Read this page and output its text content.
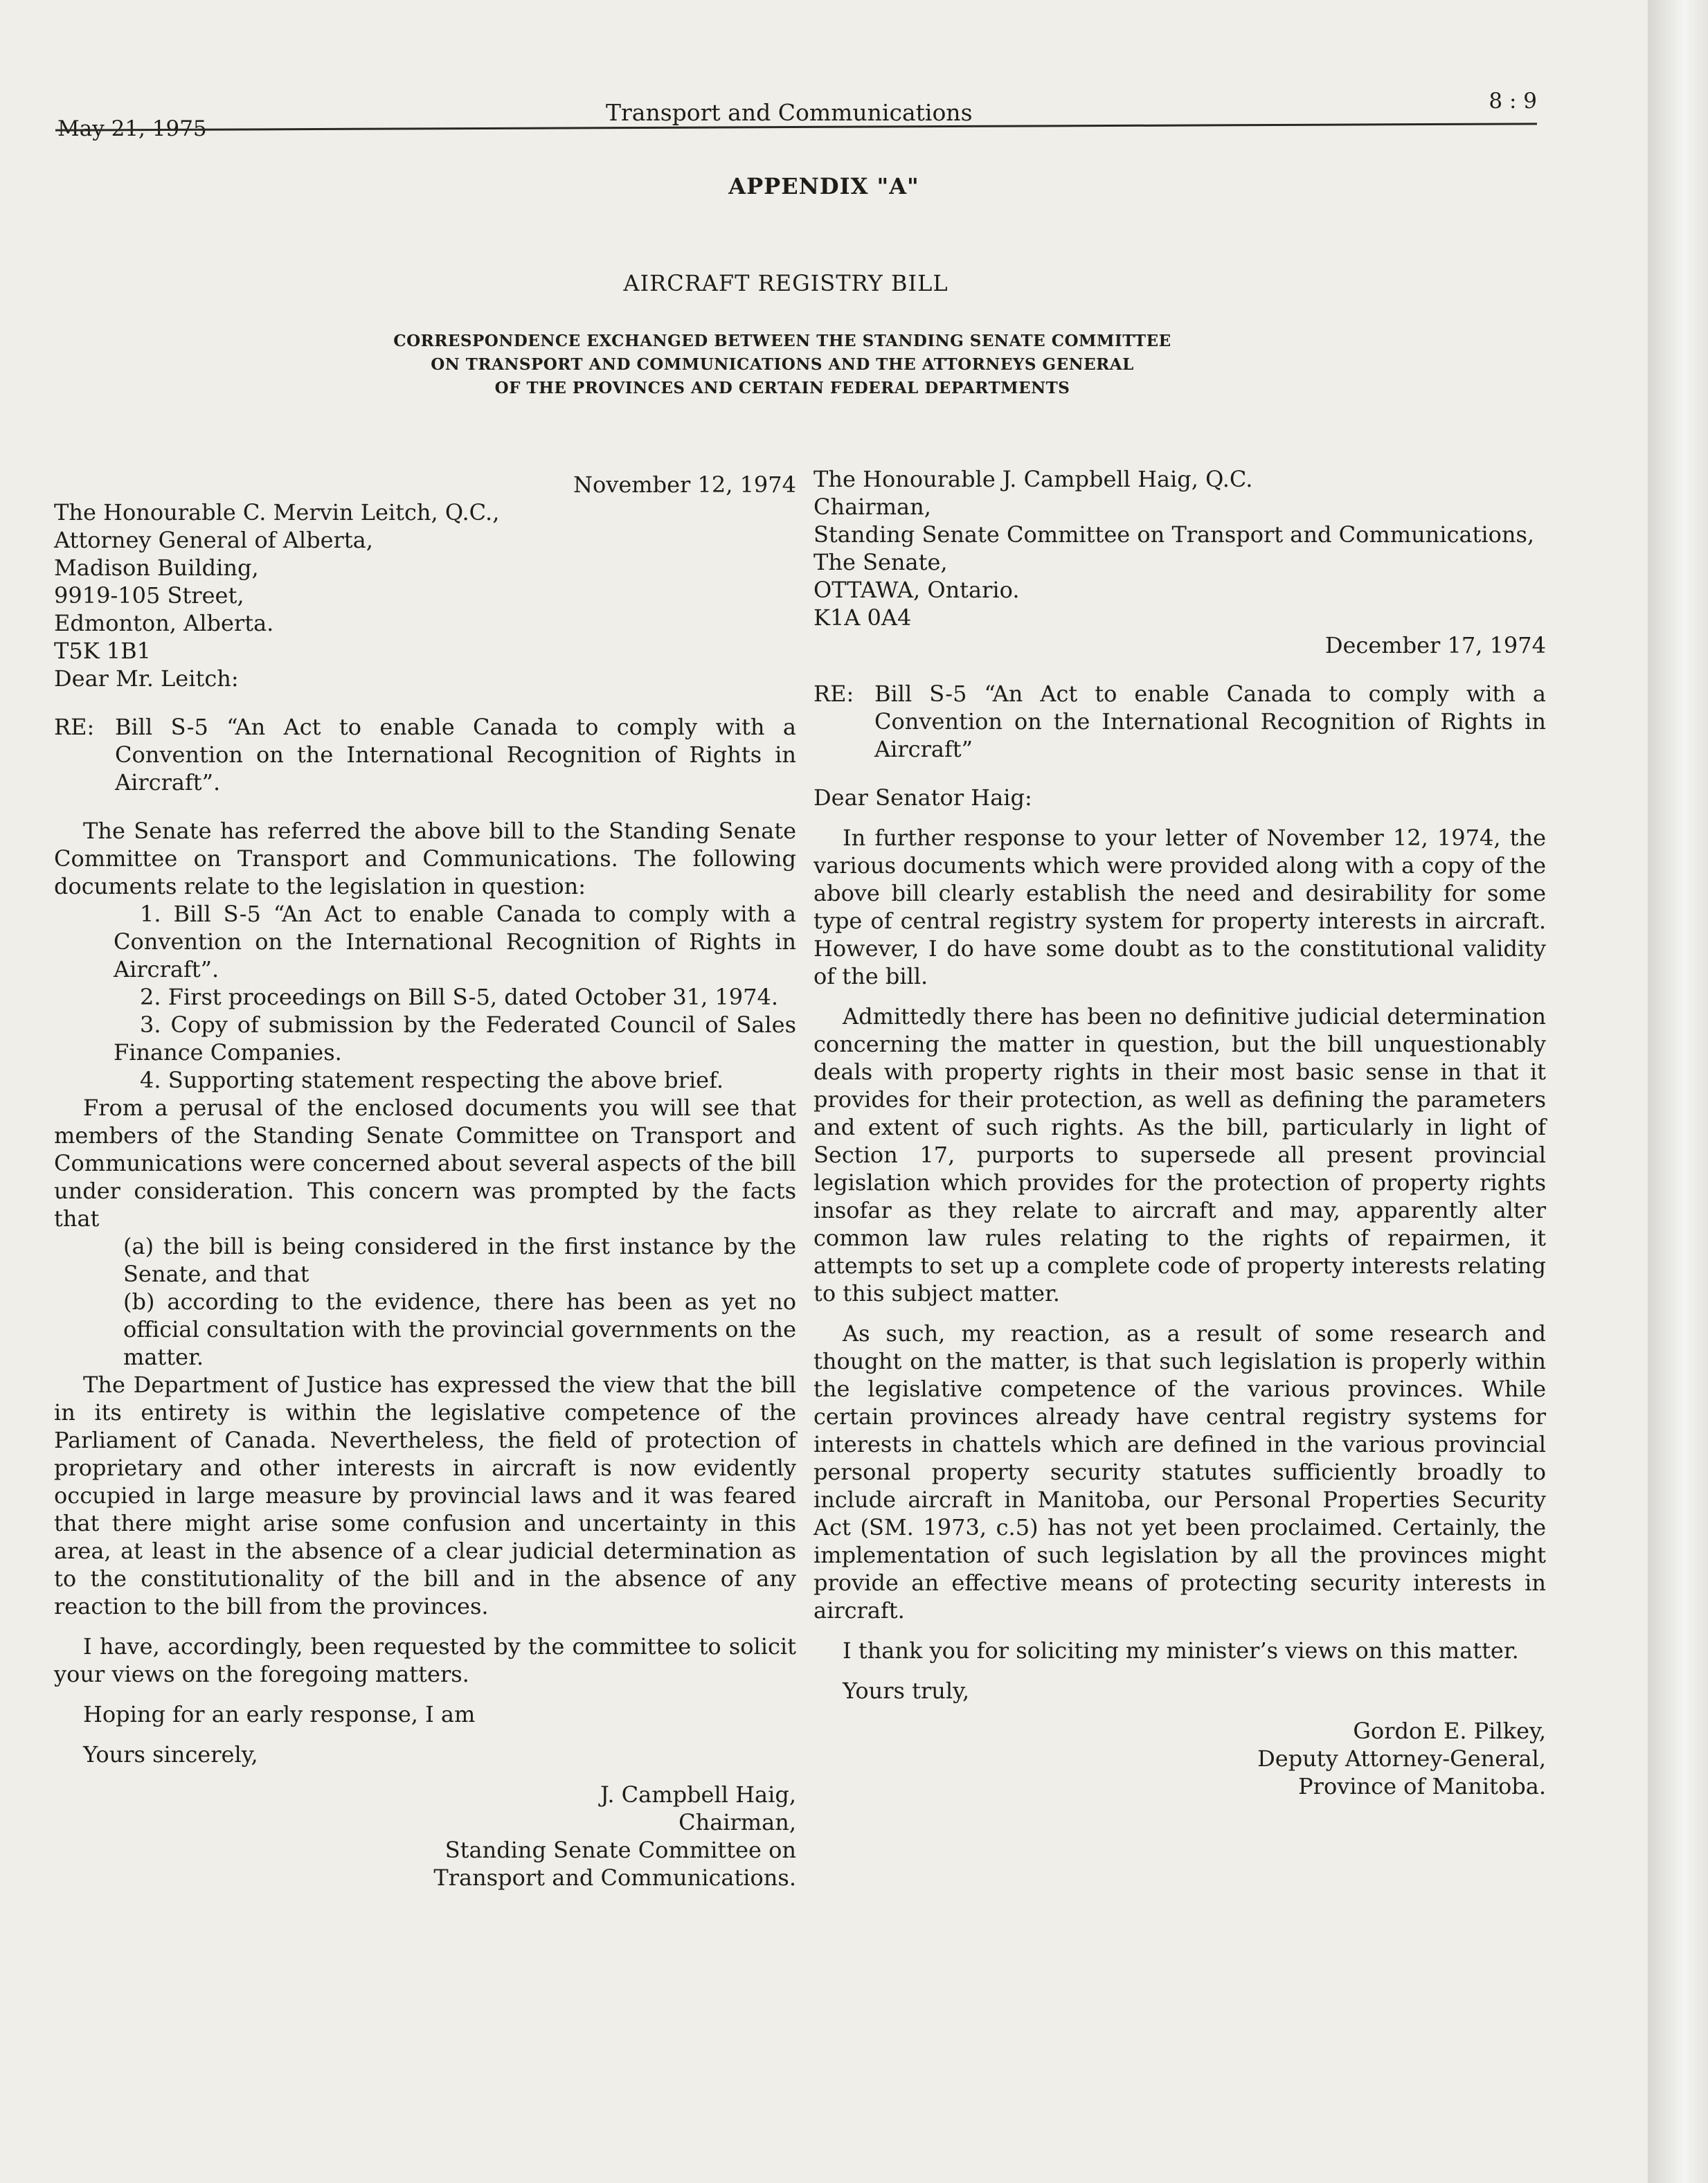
May 21, 1975
Transport and Communications	8 : 9
APPENDIX "A"
AIRCRAFT REGISTRY BILL
CORRESPONDENCE EXCHANGED BETWEEN THE STANDING SENATE COMMITTEE
ON TRANSPORT AND COMMUNICATIONS AND THE ATTORNEYS GENERAL
OF THE PROVINCES AND CERTAIN FEDERAL DEPARTMENTS

November 12, 1974

The Honourable C. Mervin Leitch, Q.C.,
Attorney General of Alberta,
Madison Building,
9919-105 Street,
Edmonton, Alberta.
T5K 1B1
Dear Mr. Leitch:
RE: Bill S-5 “An Act to enable Canada to comply with a Convention on the International Recognition of Rights in Aircraft”.

The Senate has referred the above bill to the Standing Senate Committee on Transport and Communications. The following documents relate to the legislation in question:

1. Bill S-5 “An Act to enable Canada to comply with a Convention on the International Recognition of Rights in Aircraft”.

2. First proceedings on Bill S-5, dated October 31, 1974.

3. Copy of submission by the Federated Council of Sales Finance Companies.

4. Supporting statement respecting the above brief.

From a perusal of the enclosed documents you will see that members of the Standing Senate Committee on Transport and Communications were concerned about several aspects of the bill under consideration. This concern was prompted by the facts that

(a) the bill is being considered in the first instance by the Senate, and that

(b) according to the evidence, there has been as yet no official consultation with the provincial governments on the matter.

The Department of Justice has expressed the view that the bill in its entirety is within the legislative competence of the Parliament of Canada. Nevertheless, the field of protection of proprietary and other interests in aircraft is now evidently occupied in large measure by provincial laws and it was feared that there might arise some confusion and uncertainty in this area, at least in the absence of a clear judicial determination as to the constitutionality of the bill and in the absence of any reaction to the bill from the provinces.

I have, accordingly, been requested by the committee to solicit your views on the foregoing matters.

Hoping for an early response, I am

Yours sincerely,

J. Campbell Haig,
Chairman,
Standing Senate Committee on
Transport and Communications.
The Honourable J. Campbell Haig, Q.C.
Chairman,
Standing Senate Committee on Transport and Communications,
The Senate,
OTTAWA, Ontario.
K1A 0A4

December 17, 1974

RE: Bill S-5 “An Act to enable Canada to comply with a Convention on the International Recognition of Rights in Aircraft”

Dear Senator Haig:

In further response to your letter of November 12, 1974, the various documents which were provided along with a copy of the above bill clearly establish the need and desirability for some type of central registry system for property interests in aircraft. However, I do have some doubt as to the constitutional validity of the bill.

Admittedly there has been no definitive judicial determination concerning the matter in question, but the bill unquestionably deals with property rights in their most basic sense in that it provides for their protection, as well as defining the parameters and extent of such rights. As the bill, particularly in light of Section 17, purports to supersede all present provincial legislation which provides for the protection of property rights insofar as they relate to aircraft and may, apparently alter common law rules relating to the rights of repairmen, it attempts to set up a complete code of property interests relating to this subject matter.

As such, my reaction, as a result of some research and thought on the matter, is that such legislation is properly within the legislative competence of the various provinces. While certain provinces already have central registry systems for interests in chattels which are defined in the various provincial personal property security statutes sufficiently broadly to include aircraft in Manitoba, our Personal Properties Security Act (SM. 1973, c.5) has not yet been proclaimed. Certainly, the implementation of such legislation by all the provinces might provide an effective means of protecting security interests in aircraft.

I thank you for soliciting my minister’s views on this matter.

Yours truly,

Gordon E. Pilkey,
Deputy Attorney-General,
Province of Manitoba.
